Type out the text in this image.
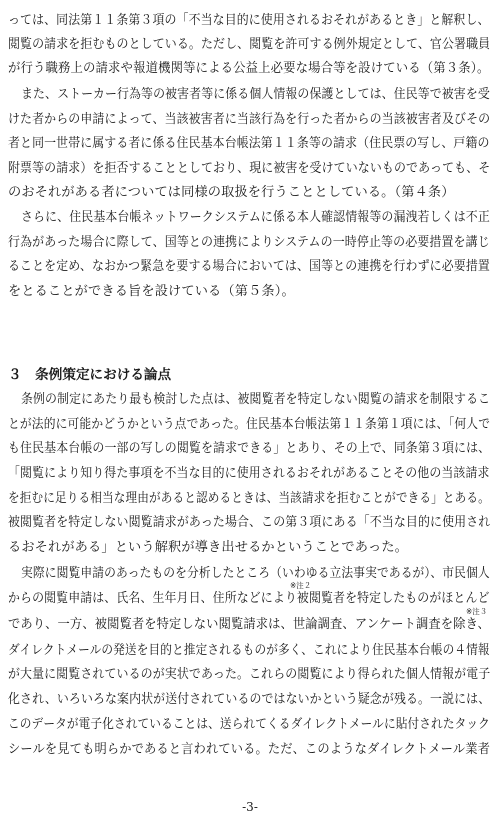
っては、同法第１１条第３項の「不当な目的に使用されるおそれがあるとき」と解釈し、
閲覧の請求を拒むものとしている。ただし、閲覧を許可する例外規定として、官公署職員
が行う職務上の請求や報道機関等による公益上必要な場合等を設けている（第３条）。
また、ストーカー行為等の被害者等に係る個人情報の保護としては、住民等で被害を受
けた者からの申請によって、当該被害者に当該行為を行った者からの当該被害者及びその
者と同一世帯に属する者に係る住民基本台帳法第１１条等の請求（住民票の写し、戸籍の
附票等の請求）を拒否することとしており、現に被害を受けていないものであっても、そ
のおそれがある者については同様の取扱を行うこととしている。（第４条）
さらに、住民基本台帳ネットワークシステムに係る本人確認情報等の漏洩若しくは不正
行為があった場合に際して、国等との連携によりシステムの一時停止等の必要措置を講じ
ることを定め、なおかつ緊急を要する場合においては、国等との連携を行わずに必要措置
をとることができる旨を設けている（第５条）。
３　条例策定における論点
条例の制定にあたり最も検討した点は、被閲覧者を特定しない閲覧の請求を制限するこ
とが法的に可能かどうかという点であった。住民基本台帳法第１１条第１項には、「何人で
も住民基本台帳の一部の写しの閲覧を請求できる」とあり、その上で、同条第３項には、
「閲覧により知り得た事項を不当な目的に使用されるおそれがあることその他の当該請求
を拒むに足りる相当な理由があると認めるときは、当該請求を拒むことができる」とある。
被閲覧者を特定しない閲覧請求があった場合、この第３項にある「不当な目的に使用され
るおそれがある」という解釈が導き出せるかということであった。
実際に閲覧申請のあったものを分析したところ（いわゆる立法事実であるが）、市民個人
からの閲覧申請は、氏名、生年月日、住所などにより被閲覧者を特定したものがほとんど
であり、一方、被閲覧者を特定しない閲覧請求は、世論調査、アンケート調査を除き、
ダイレクトメールの発送を目的と推定されるものが多く、これにより住民基本台帳の４情報
が大量に閲覧されているのが実状であった。これらの閲覧により得られた個人情報が電子
化され、いろいろな案内状が送付されているのではないかという疑念が残る。一説には、
このデータが電子化されていることは、送られてくるダイレクトメールに貼付されたタック
シールを見ても明らかであると言われている。ただ、このようなダイレクトメール業者
※注２
※注３
-3-
